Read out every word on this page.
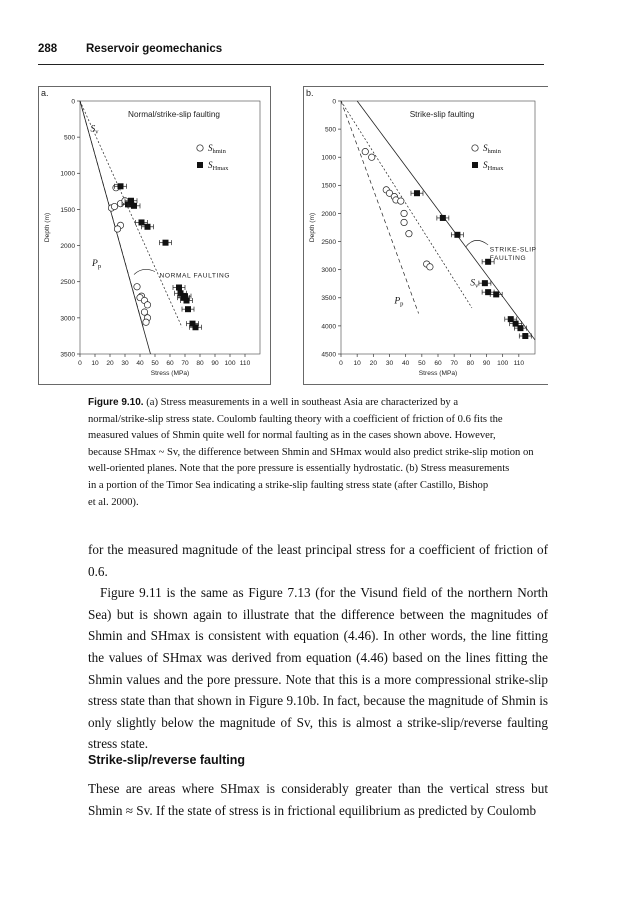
288	Reservoir geomechanics
a.
Normal/strike-slip faulting
0 10 20 30 40 50 60 70 80 90 100 110
0
500
1000
1500
2000
2500
3000
3500
Stress (MPa)
Depth (m)
$S_{hmin}$
$S_{Hmax}$
$S_v$
$P_p$
NORMAL FAULTING
b.
Strike-slip faulting
0 10 20 30 40 50 60 70 80 90 100 110
0
500
1000
1500
2000
2500
3000
3500
4000
4500
Stress (MPa)
Depth (m)
$S_{hmin}$
$S_{Hmax}$
$S_v$
$P_p$
STRIKE-SLIP
FAULTING
Figure 9.10. (a) Stress measurements in a well in southeast Asia are characterized by a
normal/strike-slip stress state. Coulomb faulting theory with a coefficient of friction of 0.6 fits the
measured values of Shmin quite well for normal faulting as in the cases shown above. However,
because SHmax ~ Sv, the difference between Shmin and SHmax would also predict strike-slip motion on
well-oriented planes. Note that the pore pressure is essentially hydrostatic. (b) Stress measurements
in a portion of the Timor Sea indicating a strike-slip faulting stress state (after Castillo, Bishop
et al. 2000).

for the measured magnitude of the least principal stress for a coefficient of friction of 0.6.

Figure 9.11 is the same as Figure 7.13 (for the Visund field of the northern North Sea) but is shown again to illustrate that the difference between the magnitudes of Shmin and SHmax is consistent with equation (4.46). In other words, the line fitting the values of SHmax was derived from equation (4.46) based on the lines fitting the Shmin values and the pore pressure. Note that this is a more compressional strike-slip stress state than that shown in Figure 9.10b. In fact, because the magnitude of Shmin is only slightly below the magnitude of Sv, this is almost a strike-slip/reverse faulting stress state.

Strike-slip/reverse faulting

These are areas where SHmax is considerably greater than the vertical stress but Shmin ≈ Sv. If the state of stress is in frictional equilibrium as predicted by Coulomb
